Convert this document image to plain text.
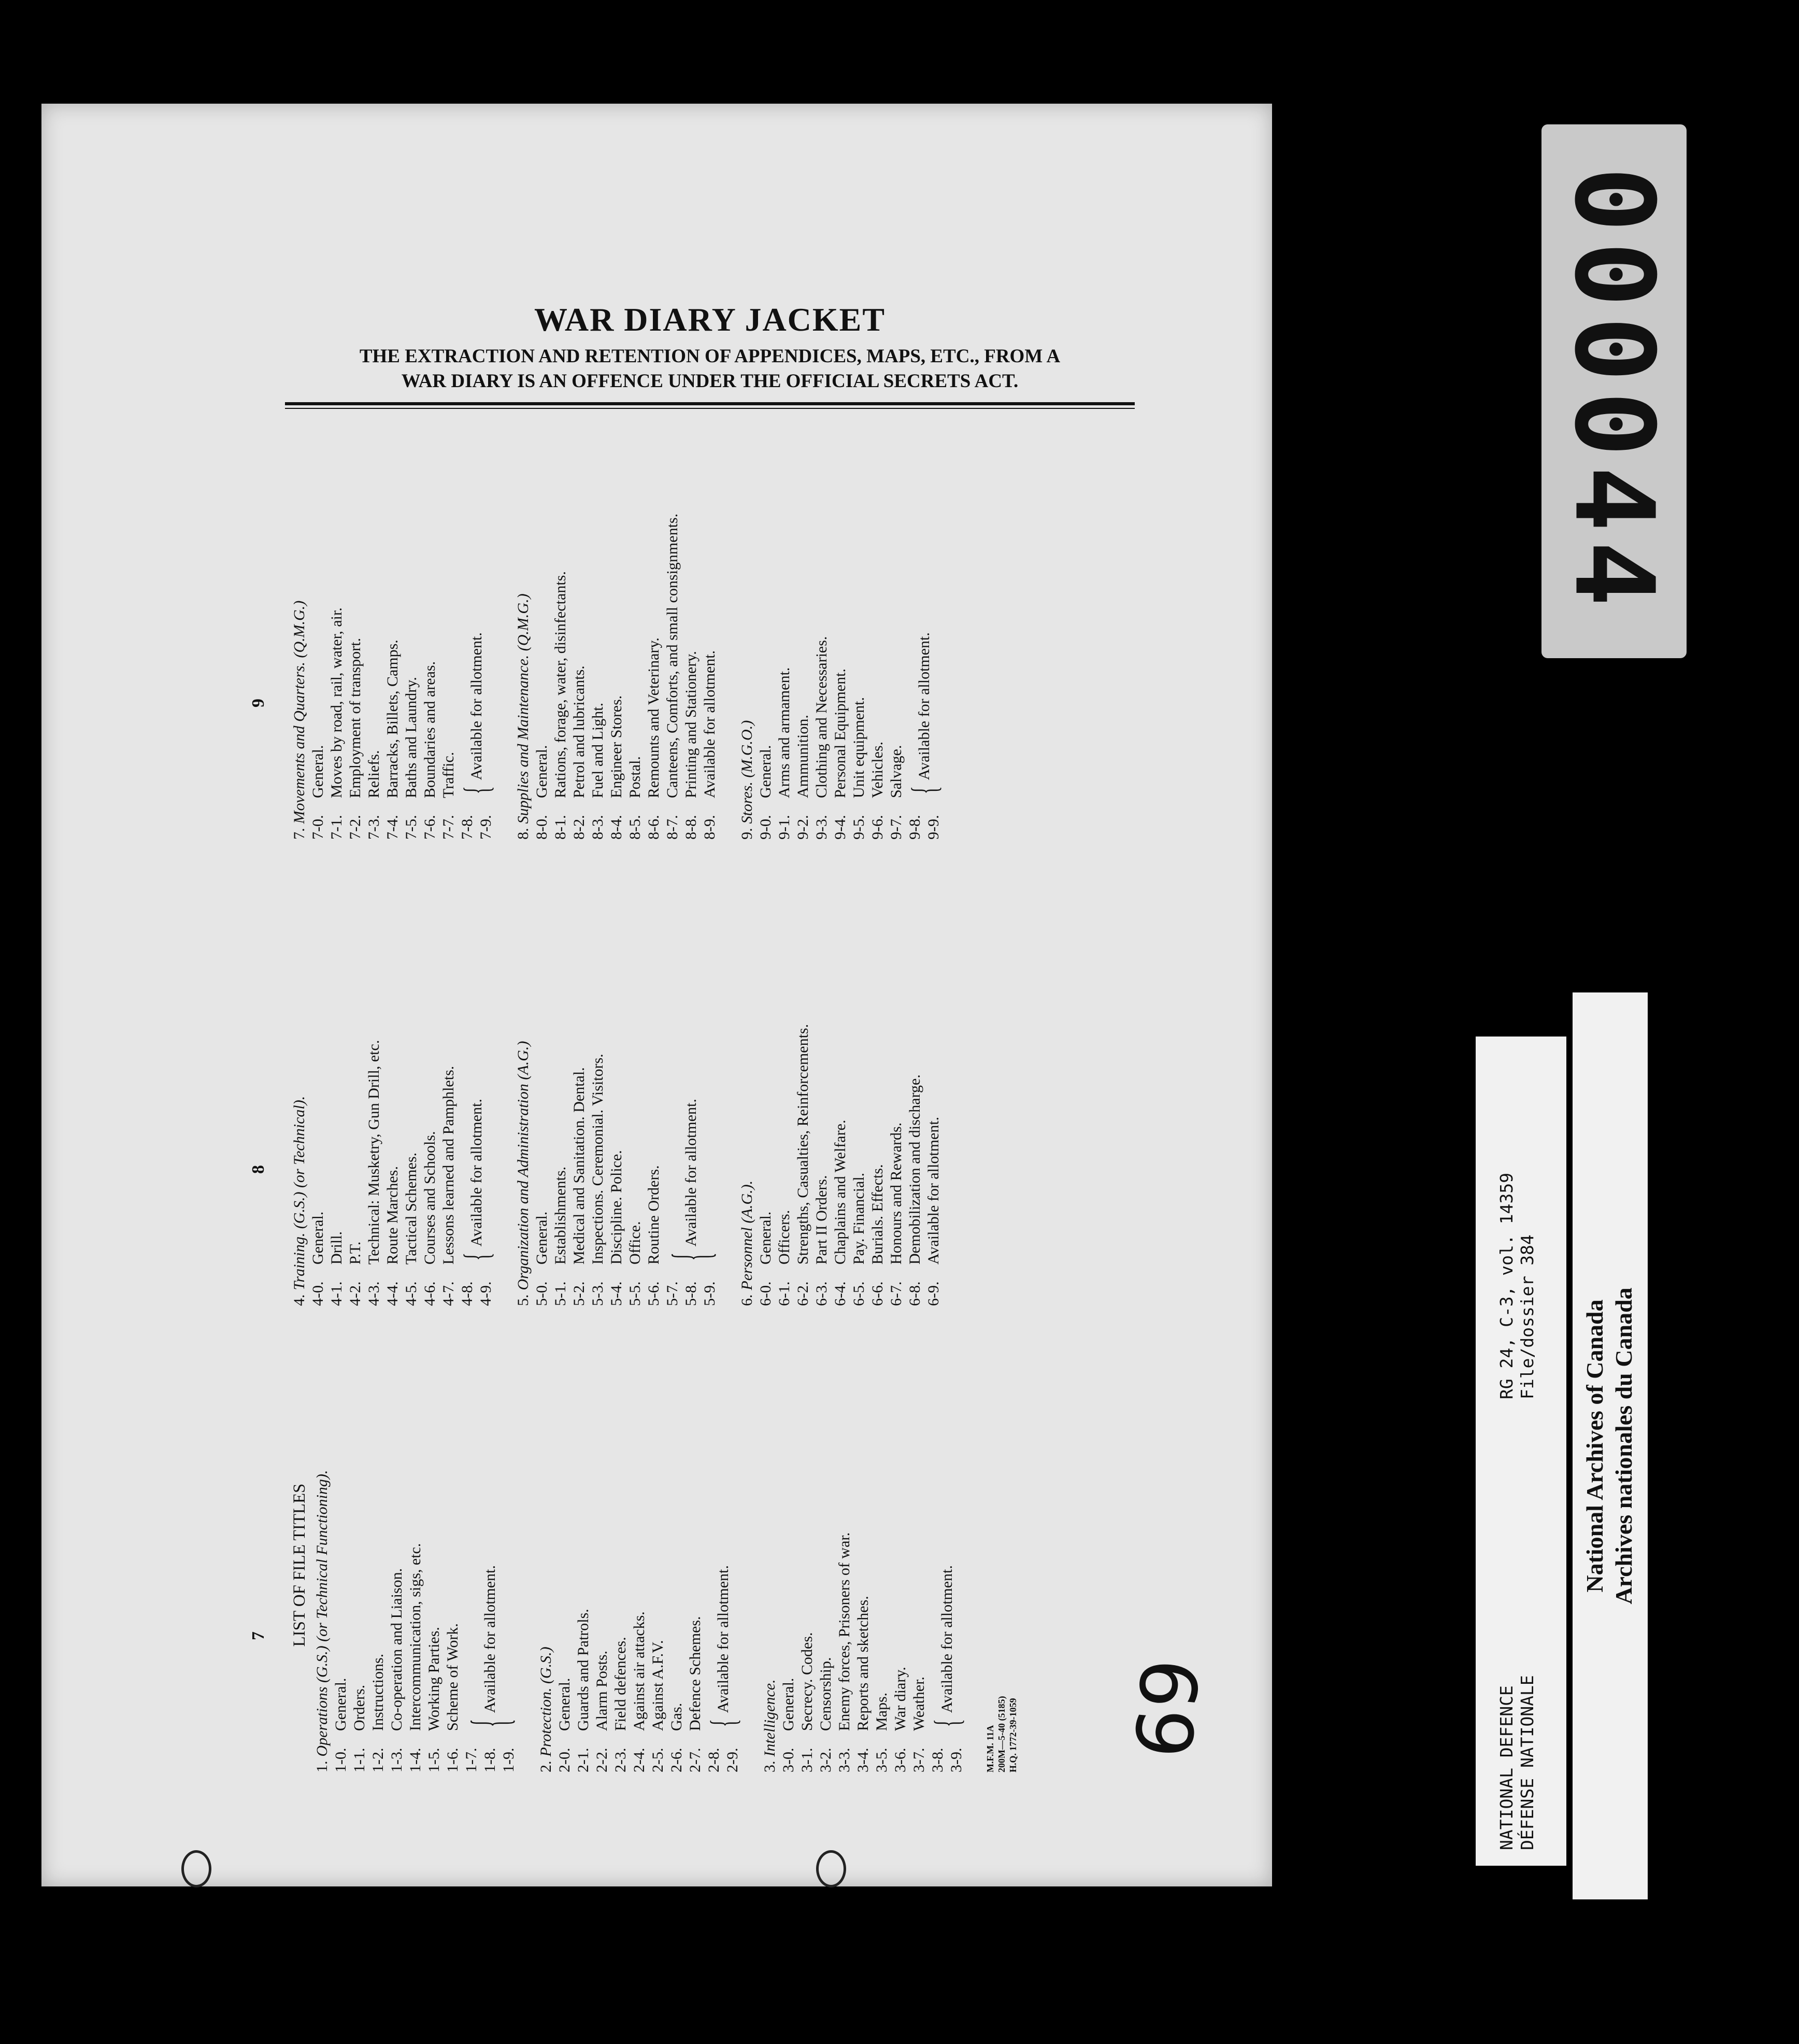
WAR DIARY JACKET
THE EXTRACTION AND RETENTION OF APPENDICES, MAPS, ETC., FROM A
WAR DIARY IS AN OFFENCE UNDER THE OFFICIAL SECRETS ACT.
69
7
8
9
LIST OF FILE TITLES
1.Operations (G.S.) (or Technical Functioning).
1-0.
General.
1-1.
Orders.
1-2.
Instructions.
1-3.
Co-operation and Liaison.
1-4.
Intercommunication, sigs, etc.
1-5.
Working Parties.
1-6.
Scheme of Work.
1-7. 1-8. 1-9.
{
Available for allotment.
2.Protection. (G.S.)
2-0.
General.
2-1.
Guards and Patrols.
2-2.
Alarm Posts.
2-3.
Field defences.
2-4.
Against air attacks.
2-5.
Against A.F.V.
2-6.
Gas.
2-7.
Defence Schemes.
2-8. 2-9.
{
Available for allotment.
3.Intelligence.
3-0.
General.
3-1.
Secrecy. Codes.
3-2.
Censorship.
3-3.
Enemy forces, Prisoners of war.
3-4.
Reports and sketches.
3-5.
Maps.
3-6.
War diary.
3-7.
Weather.
3-8. 3-9.
{
Available for allotment.
M.F.M. 11A 200M—5-40 (5185) H.Q. 1772-39-1059
4.Training. (G.S.) (or Technical).
4-0.
General.
4-1.
Drill.
4-2.
P.T.
4-3.
Technical: Musketry, Gun Drill, etc.
4-4.
Route Marches.
4-5.
Tactical Schemes.
4-6.
Courses and Schools.
4-7.
Lessons learned and Pamphlets.
4-8. 4-9.
{
Available for allotment.
5.Organization and Administration (A.G.)
5-0.
General.
5-1.
Establishments.
5-2.
Medical and Sanitation. Dental.
5-3.
Inspections. Ceremonial. Visitors.
5-4.
Discipline. Police.
5-5.
Office.
5-6.
Routine Orders.
5-7. 5-8. 5-9.
{
Available for allotment.
6.Personnel (A.G.).
6-0.
General.
6-1.
Officers.
6-2.
Strengths, Casualties, Reinforcements.
6-3.
Part II Orders.
6-4.
Chaplains and Welfare.
6-5.
Pay. Financial.
6-6.
Burials. Effects.
6-7.
Honours and Rewards.
6-8.
Demobilization and discharge.
6-9.
Available for allotment.
7.Movements and Quarters. (Q.M.G.)
7-0.
General.
7-1.
Moves by road, rail, water, air.
7-2.
Employment of transport.
7-3.
Reliefs.
7-4.
Barracks, Billets, Camps.
7-5.
Baths and Laundry.
7-6.
Boundaries and areas.
7-7.
Traffic.
7-8. 7-9.
{
Available for allotment.
8.Supplies and Maintenance. (Q.M.G.)
8-0.
General.
8-1.
Rations, forage, water, disinfectants.
8-2.
Petrol and lubricants.
8-3.
Fuel and Light.
8-4.
Engineer Stores.
8-5.
Postal.
8-6.
Remounts and Veterinary.
8-7.
Canteens, Comforts, and small consignments.
8-8.
Printing and Stationery.
8-9.
Available for allotment.
9.Stores. (M.G.O.)
9-0.
General.
9-1.
Arms and armament.
9-2.
Ammunition.
9-3.
Clothing and Necessaries.
9-4.
Personal Equipment.
9-5.
Unit equipment.
9-6.
Vehicles.
9-7.
Salvage.
9-8. 9-9.
{
Available for allotment.
000044
NATIONAL DEFENCE DÉFENSE NATIONALE
RG 24, C-3, vol. 14359 File/dossier 384 National Archives of Canada Archives nationales du Canada
